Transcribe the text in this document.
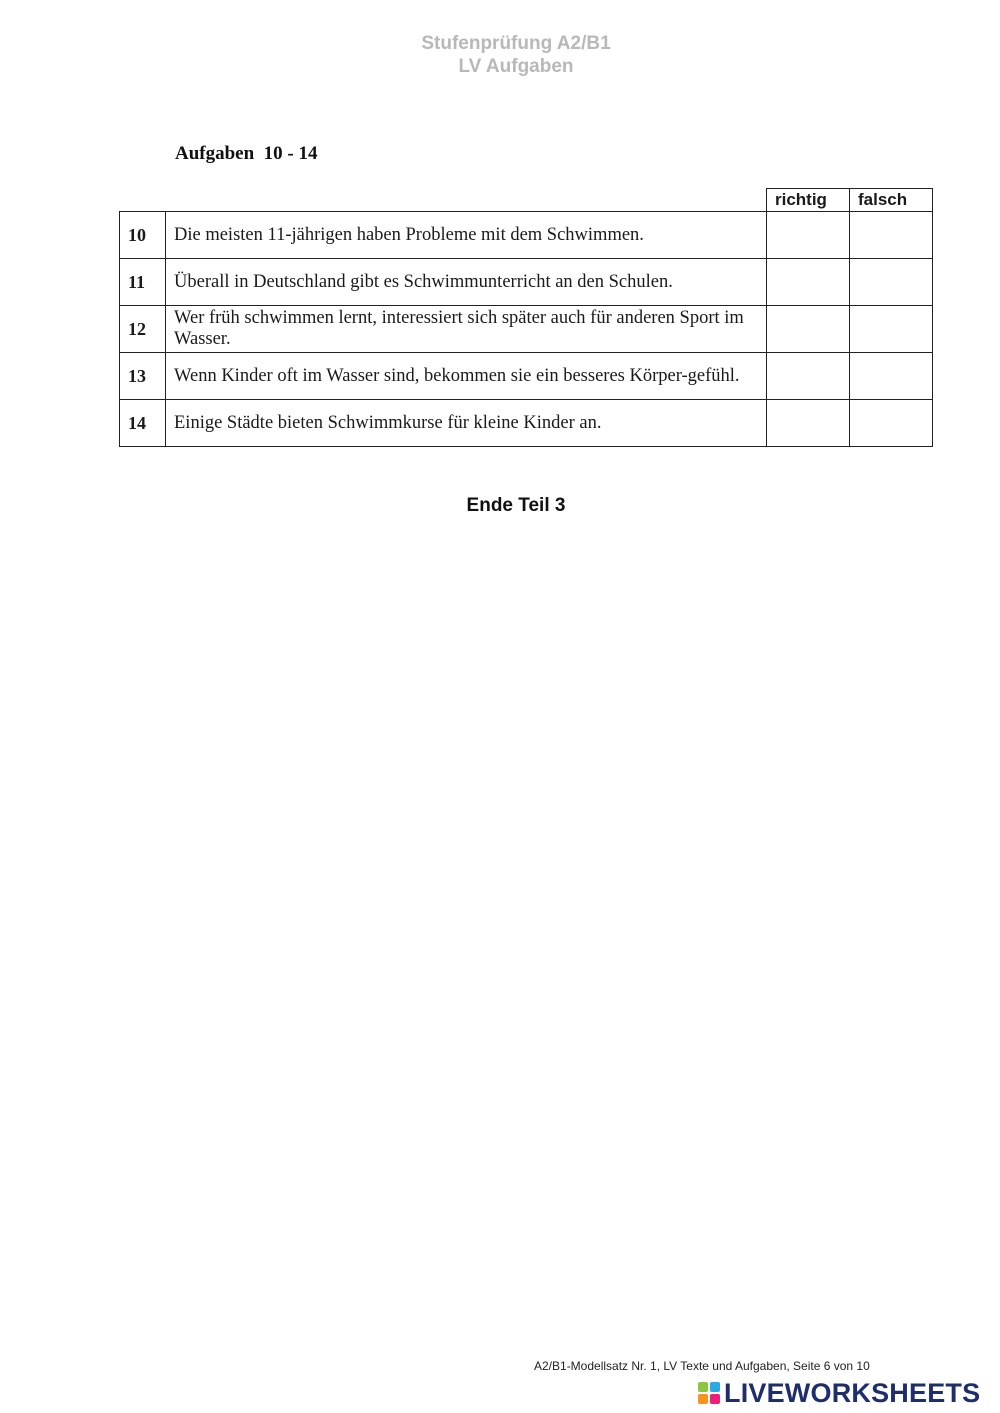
Stufenprüfung A2/B1
LV Aufgaben
Aufgaben  10 - 14
		richtig	falsch
10	Die meisten 11-jährigen haben Probleme mit dem Schwimmen.		
11	Überall in Deutschland gibt es Schwimmunterricht an den Schulen.		
12	Wer früh schwimmen lernt, interessiert sich später auch für anderen Sport im Wasser.		
13	Wenn Kinder oft im Wasser sind, bekommen sie ein besseres Körper-gefühl.		
14	Einige Städte bieten Schwimmkurse für kleine Kinder an.		
Ende Teil 3
A2/B1-Modellsatz Nr. 1, LV Texte und Aufgaben, Seite 6 von 10
LIVEWORKSHEETS
